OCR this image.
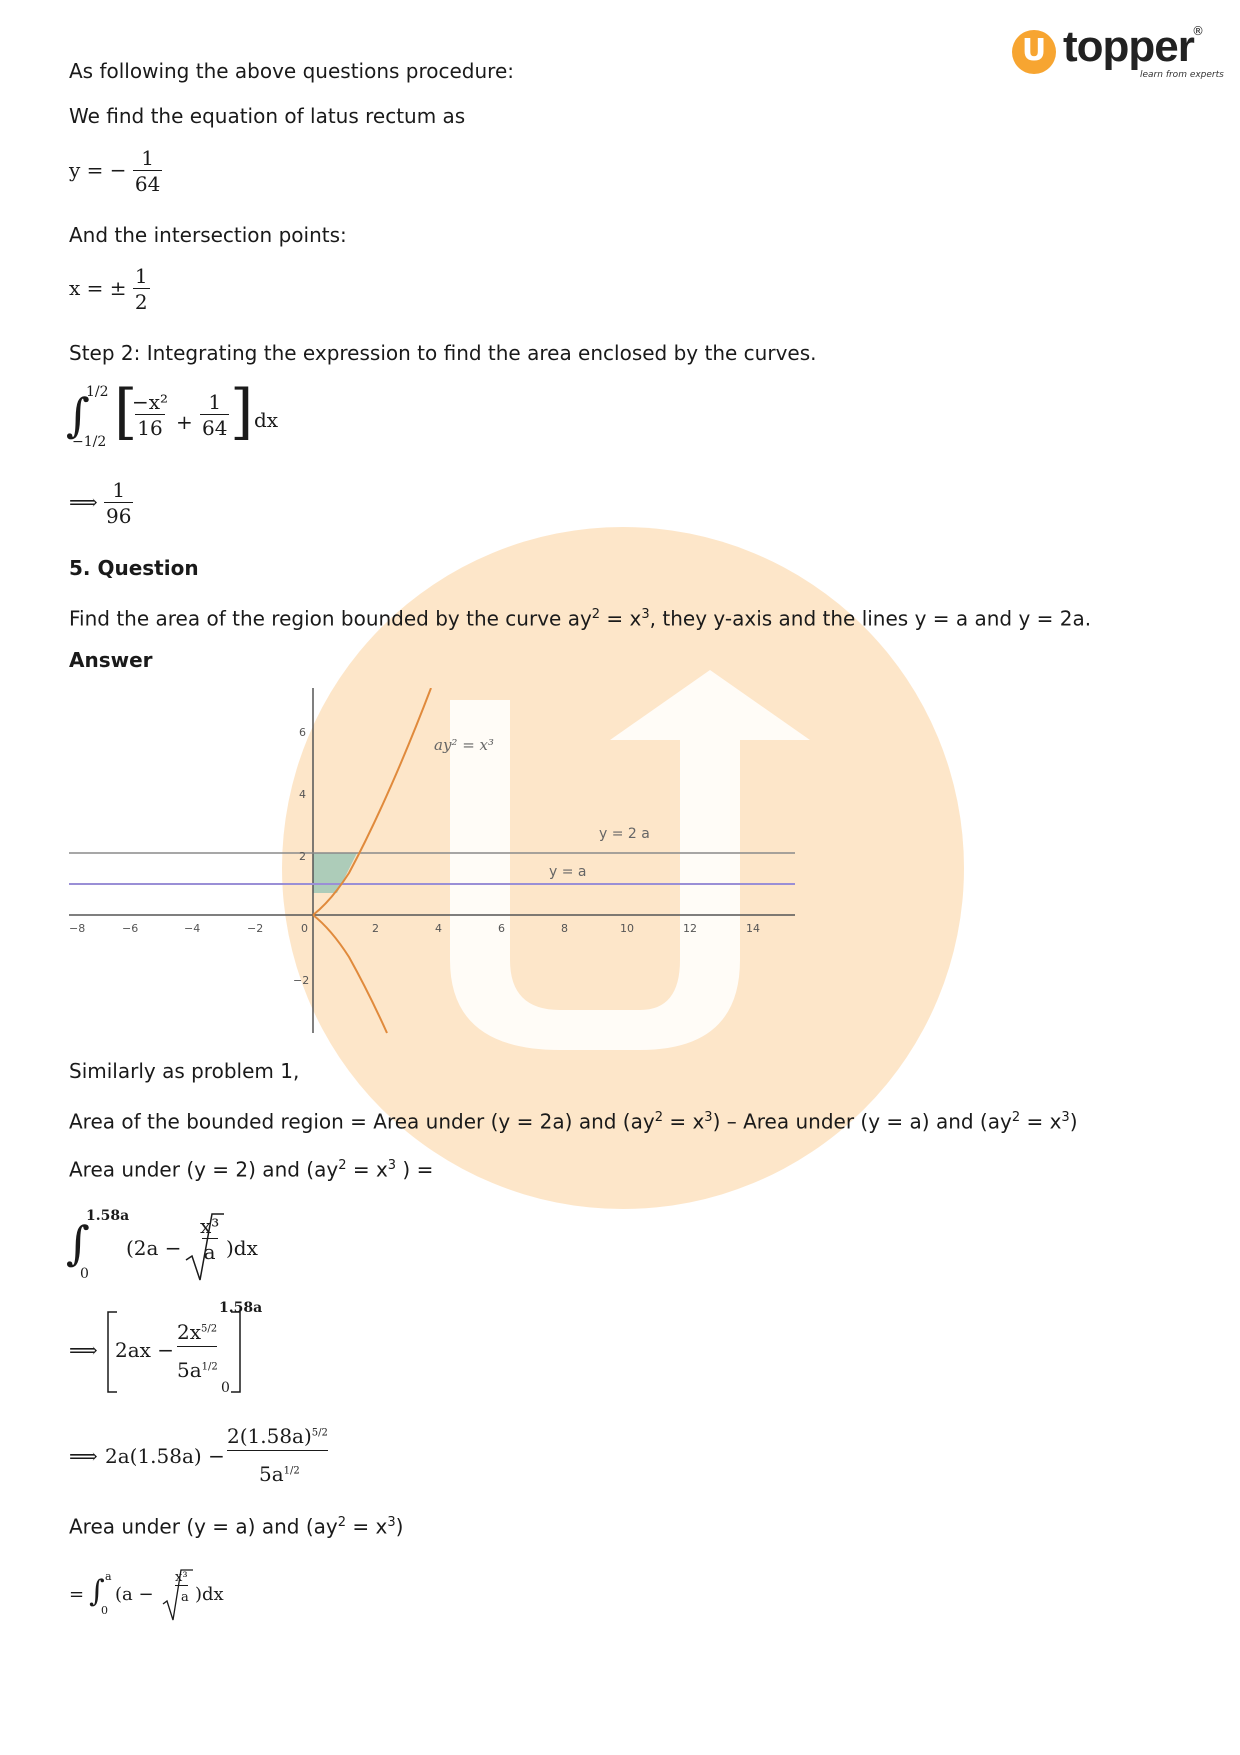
U topper
®
learn from experts
As following the above questions procedure:
We find the equation of latus rectum as
y = − $\frac{1}{64}$
And the intersection points:
x = ± $\frac{1}{2}$
Step 2: Integrating the expression to find the area enclosed by the curves.
∫
1/2
−1/2 [
$\frac{\text{−x²}}{16} + \frac{1}{64}$ ] dx
⟹ $\frac{1}{96}$
5. Question
Find the area of the region bounded by the curve $ay^2 = x^3$, they y-axis and the lines y = a and y = 2a.
Answer
−8	−6	−4	−2	0	2	4	6	8	10	12	14
6
4
2
−2
ay² = x³
y = 2 a
y = a
Similarly as problem 1,
Area of the bounded region = Area under (y = 2a) and $(ay^2 = x^3)$ – Area under (y = a) and $(ay^2 = x^3)$
Area under (y = 2) and ($ay^2 = x^3$ ) =
∫
1.58a
0
$(2a - \frac{\text{x³}}{a} )dx$
⟹ 2ax −
$2x^{5/2}$
$5a^{1/2}$
1.58a
0
⟹ 2a(1.58a) −
$2(1.58a)^{5/2}$
$5a^{1/2}$
Area under (y = a) and $(ay^2 = x^3)$
= ∫ a
0
(a −
x³
a )dx
